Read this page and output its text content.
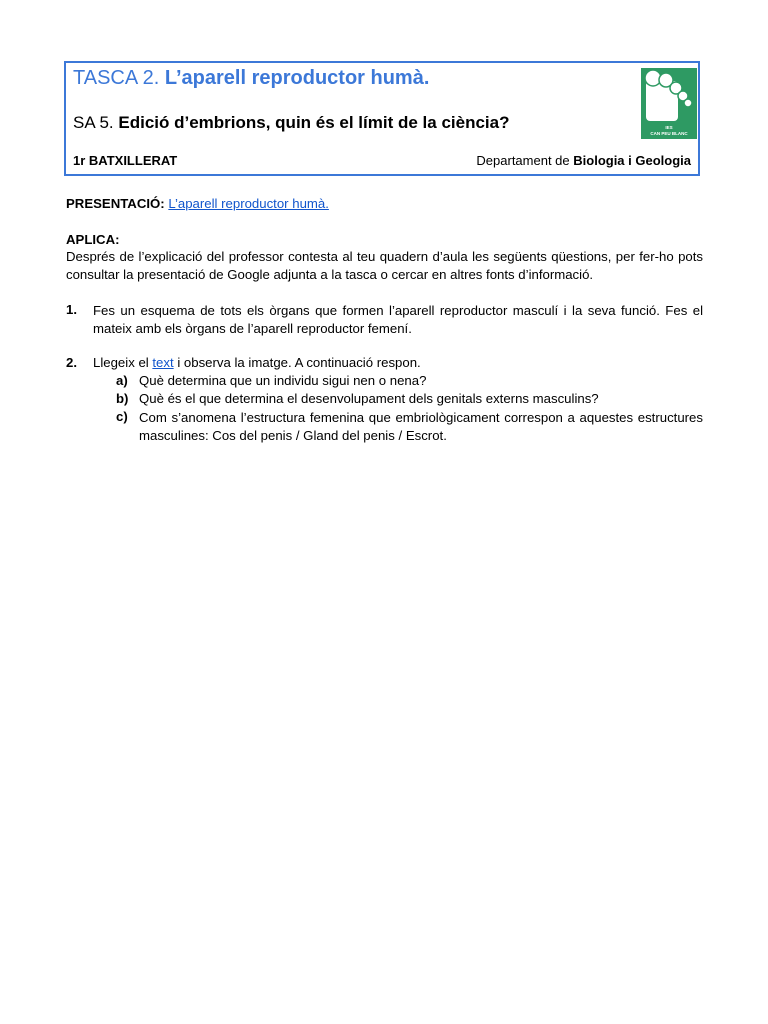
TASCA 2. L’aparell reproductor humà.
SA 5. Edició d’embrions, quin és el límit de la ciència?
1r BATXILLERAT	Departament de Biologia i Geologia
IES
CAN PEU BLANC
PRESENTACIÓ: L’aparell reproductor humà.
APLICA:
Després de l’explicació del professor contesta al teu quadern d’aula les següents qüestions, per fer-ho pots consultar la presentació de Google adjunta a la tasca o cercar en altres fonts d’informació.
1. Fes un esquema de tots els òrgans que formen l’aparell reproductor masculí i la seva funció. Fes el mateix amb els òrgans de l’aparell reproductor femení.
2. Llegeix el text i observa la imatge. A continuació respon.
a) Què determina que un individu sigui nen o nena?
b) Què és el que determina el desenvolupament dels genitals externs masculins?
c) Com s’anomena l’estructura femenina que embriològicament correspon a aquestes estructures masculines: Cos del penis / Gland del penis / Escrot.
